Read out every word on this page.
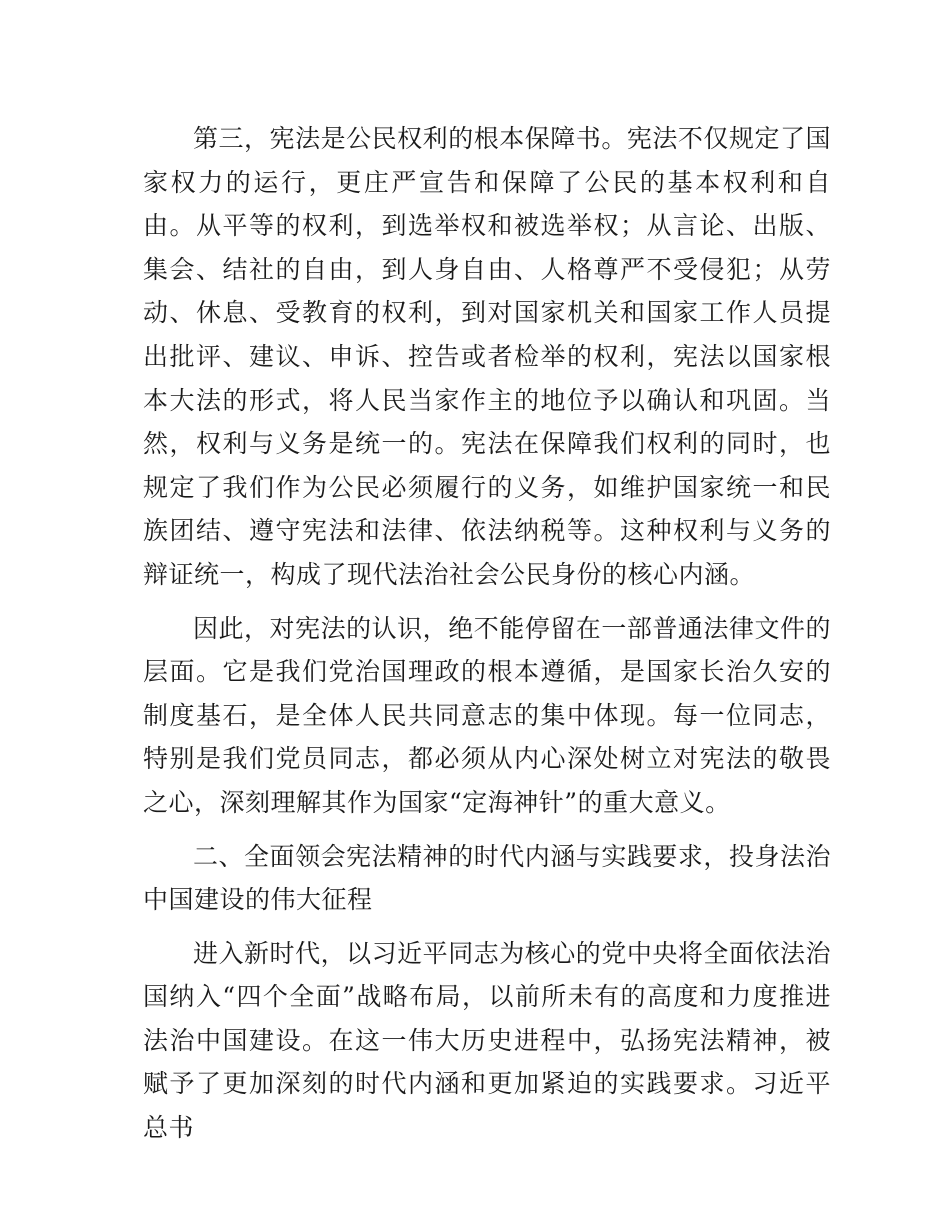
第三，宪法是公民权利的根本保障书。宪法不仅规定了国家权力的运行，更庄严宣告和保障了公民的基本权利和自由。从平等的权利，到选举权和被选举权；从言论、出版、集会、结社的自由，到人身自由、人格尊严不受侵犯；从劳动、休息、受教育的权利，到对国家机关和国家工作人员提出批评、建议、申诉、控告或者检举的权利，宪法以国家根本大法的形式，将人民当家作主的地位予以确认和巩固。当然，权利与义务是统一的。宪法在保障我们权利的同时，也规定了我们作为公民必须履行的义务，如维护国家统一和民族团结、遵守宪法和法律、依法纳税等。这种权利与义务的辩证统一，构成了现代法治社会公民身份的核心内涵。

因此，对宪法的认识，绝不能停留在一部普通法律文件的层面。它是我们党治国理政的根本遵循，是国家长治久安的制度基石，是全体人民共同意志的集中体现。每一位同志，特别是我们党员同志，都必须从内心深处树立对宪法的敬畏之心，深刻理解其作为国家“定海神针”的重大意义。

二、全面领会宪法精神的时代内涵与实践要求，投身法治中国建设的伟大征程

进入新时代，以习近平同志为核心的党中央将全面依法治国纳入“四个全面”战略布局，以前所未有的高度和力度推进法治中国建设。在这一伟大历史进程中，弘扬宪法精神，被赋予了更加深刻的时代内涵和更加紧迫的实践要求。习近平总书
